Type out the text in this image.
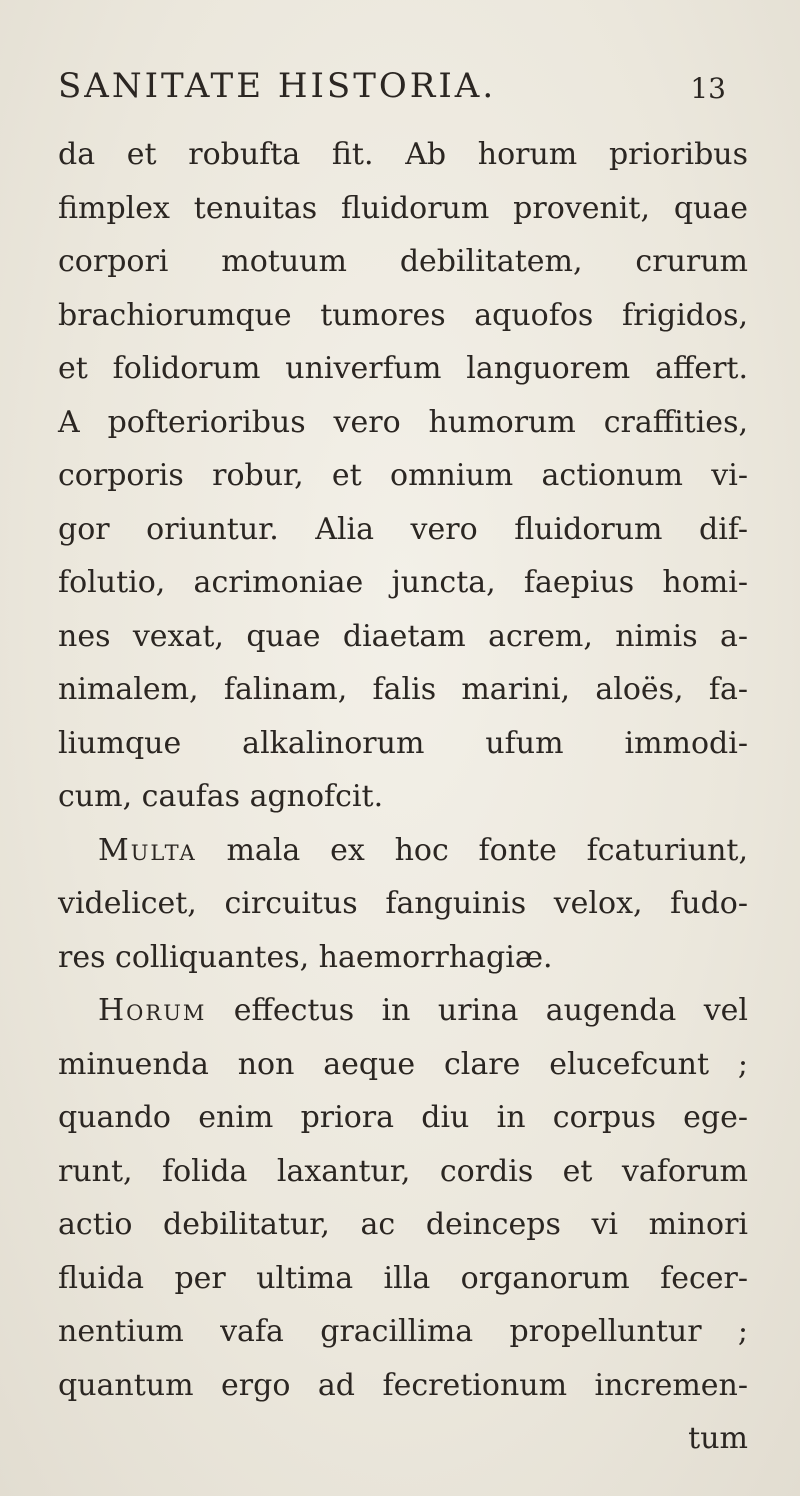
SANITATE HISTORIA.	13
da et robufta fit. Ab horum prioribus
fimplex tenuitas fluidorum provenit, quae
corpori motuum debilitatem, crurum
brachiorumque tumores aquofos frigidos,
et folidorum univerfum languorem affert.
A pofterioribus vero humorum craffities,
corporis robur, et omnium actionum vi-
gor oriuntur. Alia vero fluidorum dif-
folutio, acrimoniae juncta, faepius homi-
nes vexat, quae diaetam acrem, nimis a-
nimalem, falinam, falis marini, aloës, fa-
liumque alkalinorum ufum immodi-
cum, caufas agnofcit.
Multa mala ex hoc fonte fcaturiunt,
videlicet, circuitus fanguinis velox, fudo-
res colliquantes, haemorrhagiæ.
Horum effectus in urina augenda vel
minuenda non aeque clare elucefcunt ;
quando enim priora diu in corpus ege-
runt, folida laxantur, cordis et vaforum
actio debilitatur, ac deinceps vi minori
fluida per ultima illa organorum fecer-
nentium vafa gracillima propelluntur ;
quantum ergo ad fecretionum incremen-
tum
